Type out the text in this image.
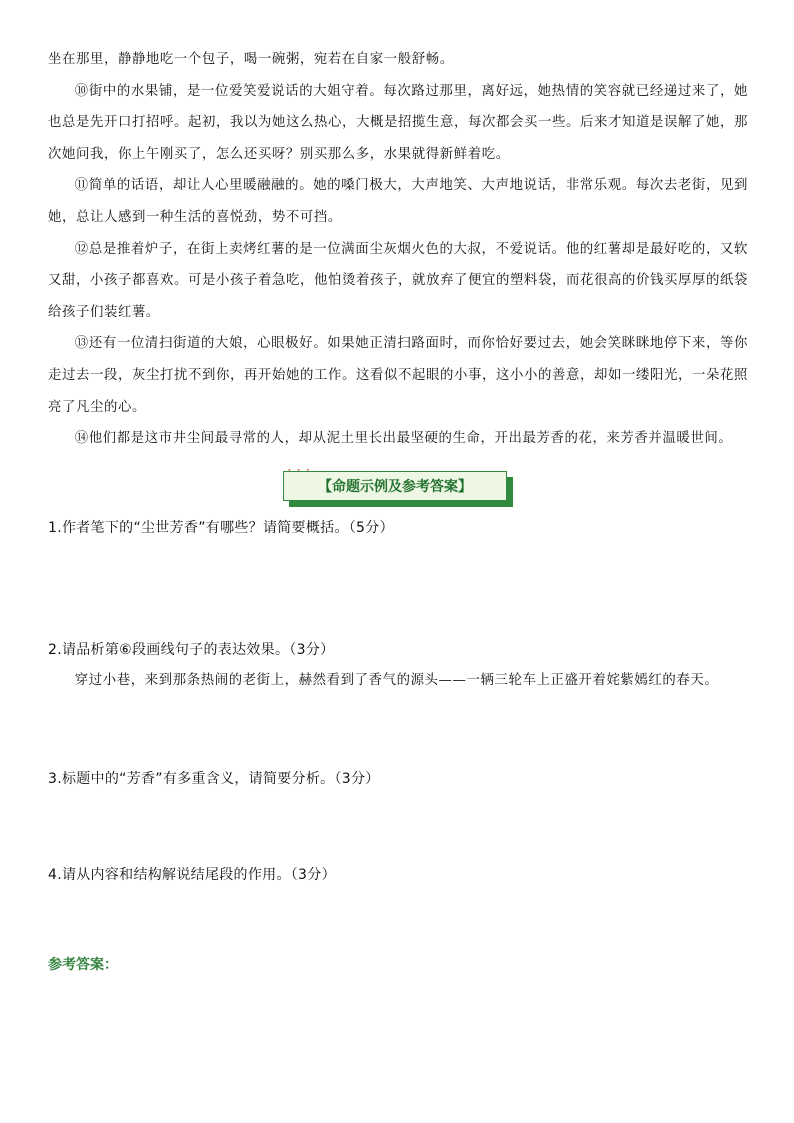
坐在那里，静静地吃一个包子，喝一碗粥，宛若在自家一般舒畅。

⑩街中的水果铺，是一位爱笑爱说话的大姐守着。每次路过那里，离好远，她热情的笑容就已经递过来了，她也总是先开口打招呼。起初，我以为她这么热心，大概是招揽生意，每次都会买一些。后来才知道是误解了她，那次她问我，你上午刚买了，怎么还买呀？别买那么多，水果就得新鲜着吃。

⑪简单的话语，却让人心里暖融融的。她的嗓门极大，大声地笑、大声地说话，非常乐观。每次去老街，见到她，总让人感到一种生活的喜悦劲，势不可挡。

⑫总是推着炉子，在街上卖烤红薯的是一位满面尘灰烟火色的大叔，不爱说话。他的红薯却是最好吃的，又软又甜，小孩子都喜欢。可是小孩子着急吃，他怕烫着孩子，就放弃了便宜的塑料袋，而花很高的价钱买厚厚的纸袋给孩子们装红薯。

⑬还有一位清扫街道的大娘，心眼极好。如果她正清扫路面时，而你恰好要过去，她会笑眯眯地停下来，等你走过去一段，灰尘打扰不到你，再开始她的工作。这看似不起眼的小事，这小小的善意，却如一缕阳光，一朵花照亮了凡尘的心。

⑭他们都是这市井尘间最寻常的人，却从泥土里长出最坚硬的生命，开出最芳香的花，来芳香并温暖世间。

【命题示例及参考答案】

1.作者笔下的“尘世芳香”有哪些？请简要概括。（5分）

2.请品析第⑥段画线句子的表达效果。（3分）

穿过小巷，来到那条热闹的老街上，赫然看到了香气的源头——一辆三轮车上正盛开着姹紫嫣红的春天。

3.标题中的“芳香”有多重含义，请简要分析。（3分）

4.请从内容和结构解说结尾段的作用。（3分）

参考答案：
